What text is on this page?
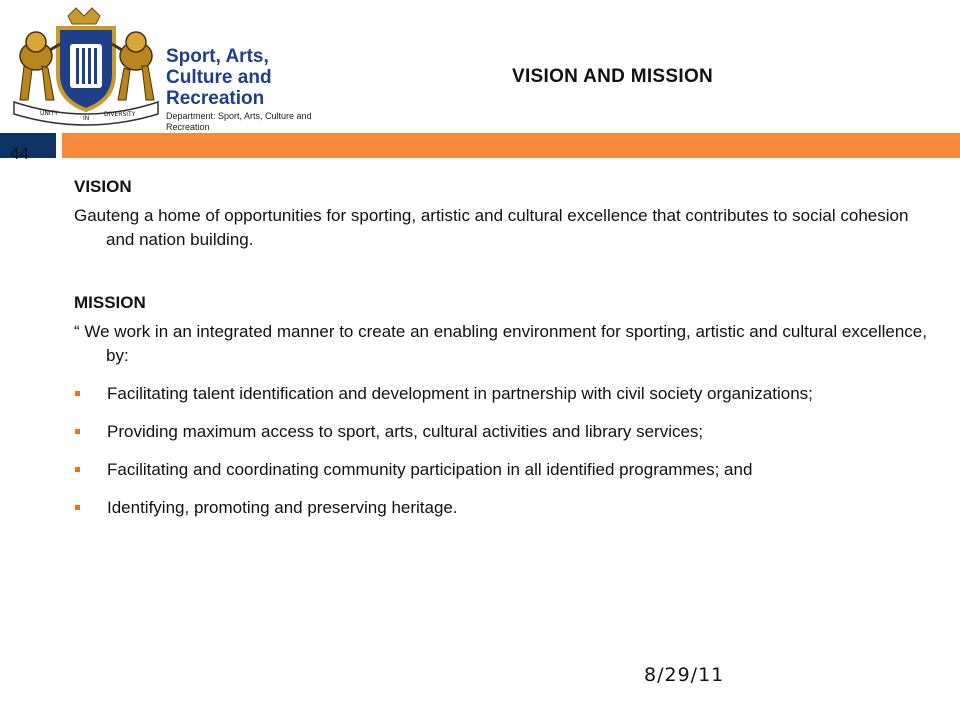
UNITY
IN
DIVERSITY
Sport, Arts,
Culture and Recreation
Department: Sport, Arts, Culture and Recreation
VISION AND MISSION
44

VISION

Gauteng a home of opportunities for sporting, artistic and cultural excellence that contributes to social cohesion and nation building.

MISSION

“ We work in an integrated manner to create an enabling environment for sporting, artistic and cultural excellence, by:

Facilitating talent identification and development in partnership with civil society organizations;
Providing maximum access to sport, arts, cultural activities and library services;
Facilitating and coordinating community participation in all identified programmes; and
Identifying, promoting and preserving heritage.
8/29/11
